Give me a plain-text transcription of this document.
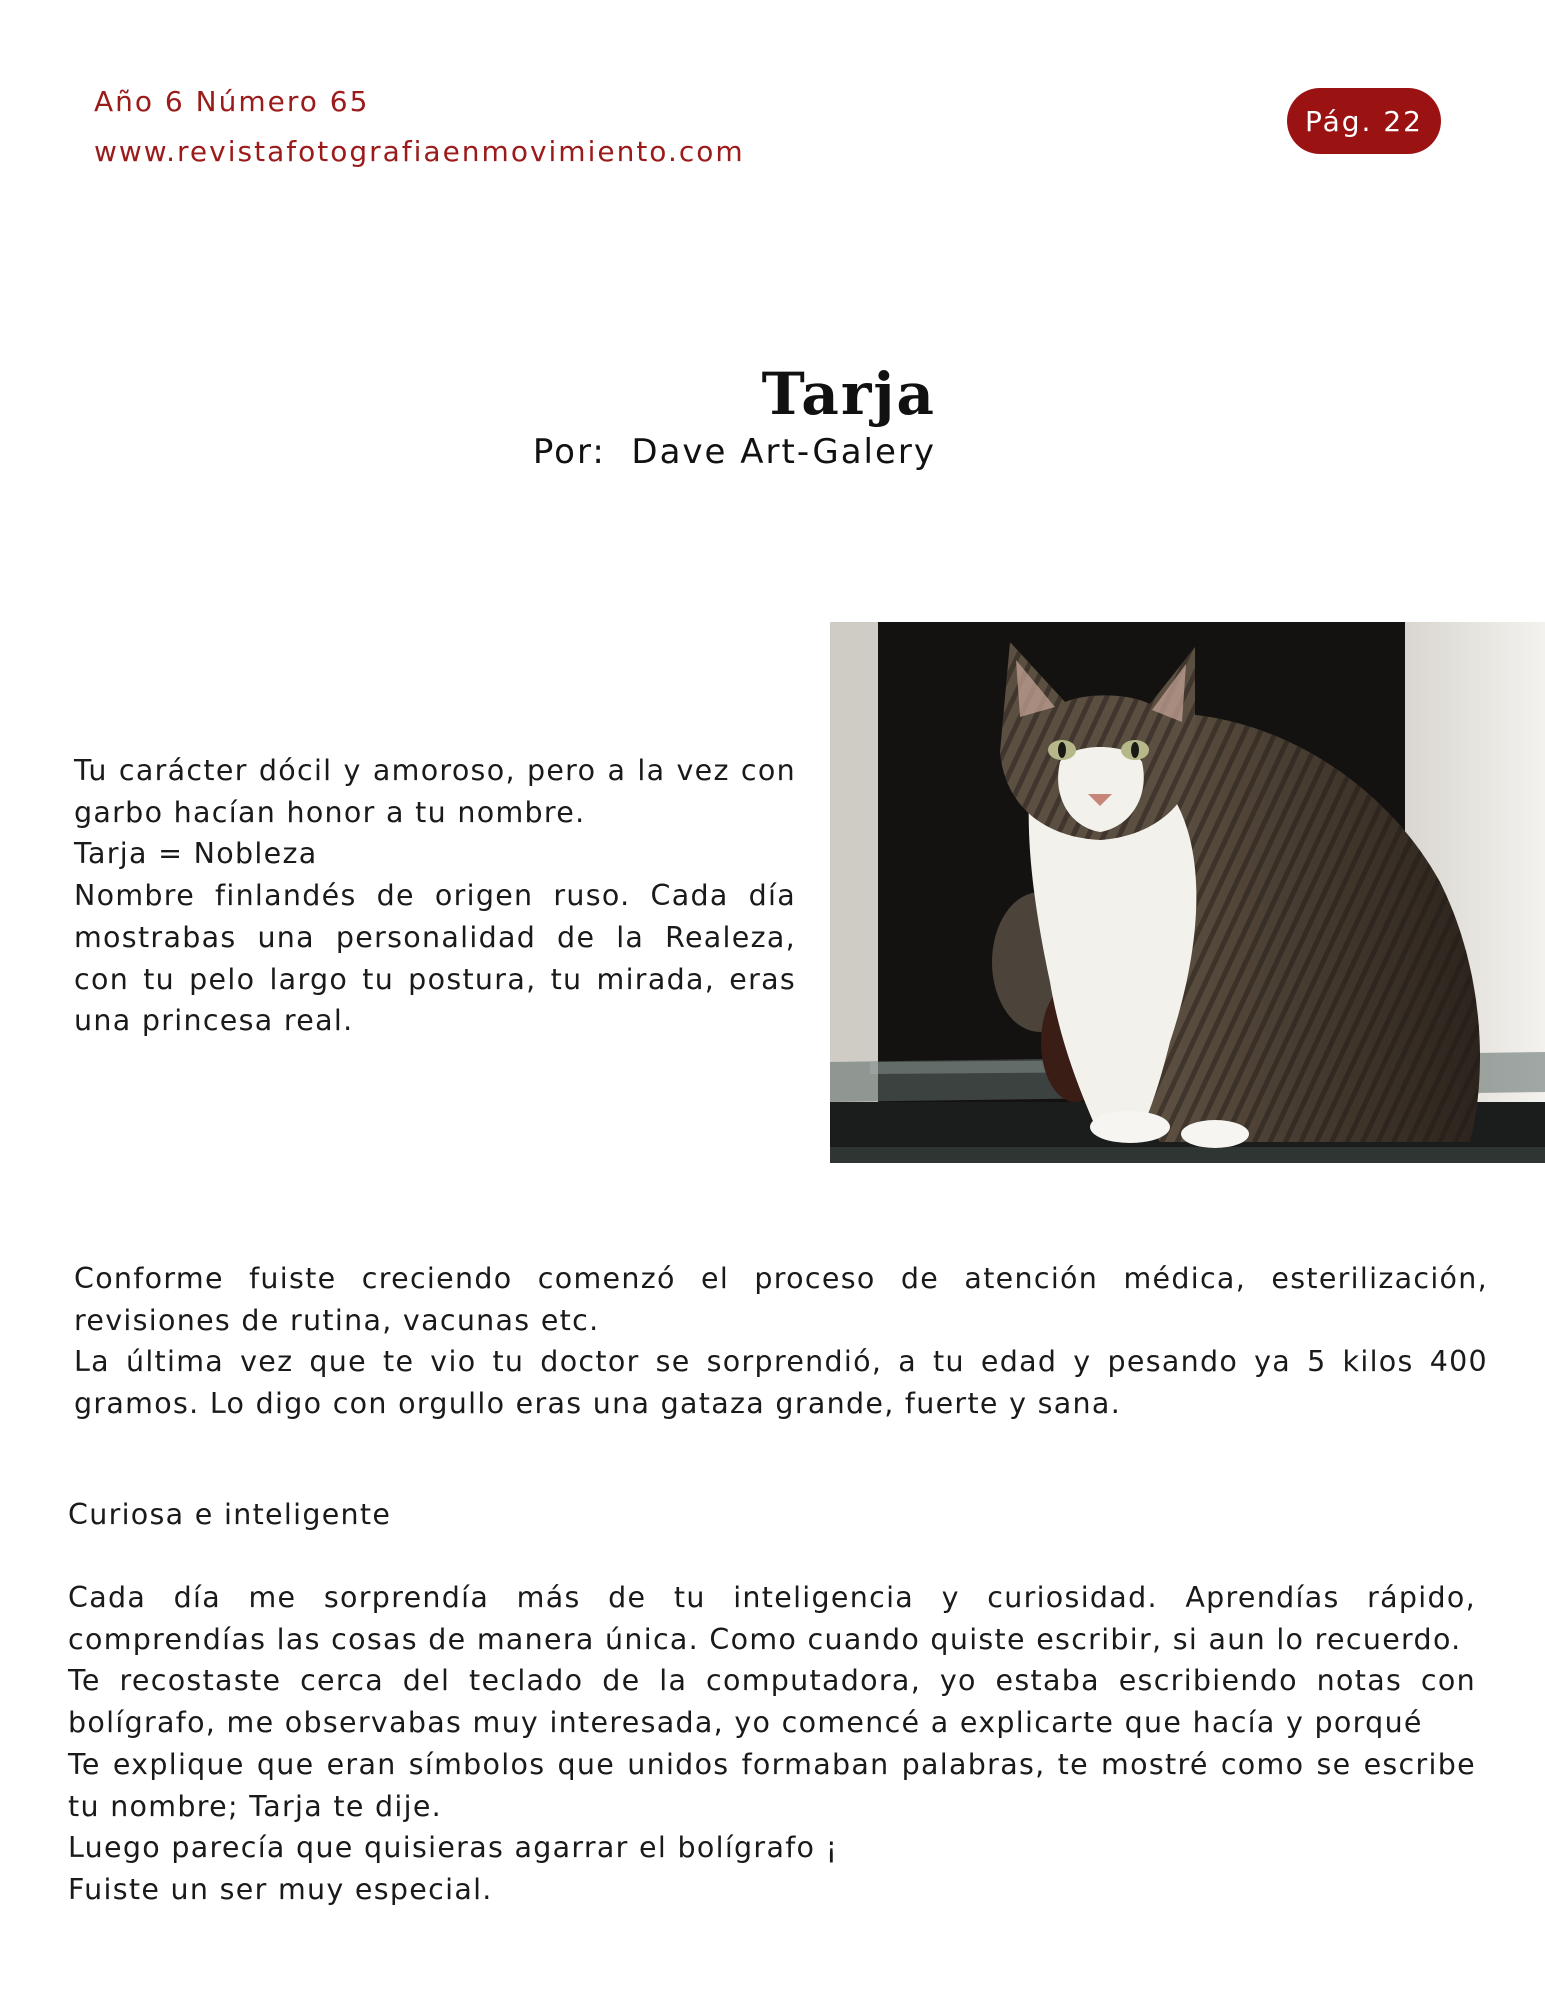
Año 6 Número 65
www.revistafotografiaenmovimiento.com
Pág. 22
Tarja
Por:  Dave Art-Galery

Tu carácter dócil y amoroso, pero a la vez con garbo hacían honor a tu nombre.

Tarja = Nobleza

Nombre finlandés de origen ruso. Cada día mostrabas una personalidad de la Realeza, con tu pelo largo tu postura, tu mirada, eras una princesa real.

Conforme fuiste creciendo comenzó el proceso de atención médica, esterilización, revisiones de rutina, vacunas etc.

La última vez que te vio tu doctor se sorprendió, a tu edad y pesando ya 5 kilos 400 gramos. Lo digo con orgullo eras una gataza grande, fuerte y sana.

Curiosa e inteligente

Cada día me sorprendía más de tu inteligencia y curiosidad. Aprendías rápido, comprendías las cosas de manera única. Como cuando quiste escribir, si aun lo recuerdo.

Te recostaste cerca del teclado de la computadora, yo estaba escribiendo notas con bolígrafo, me observabas muy interesada, yo comencé a explicarte que hacía y porqué

Te explique que eran símbolos que unidos formaban palabras, te mostré como se escribe tu nombre; Tarja te dije.

Luego parecía que quisieras agarrar el bolígrafo ¡

Fuiste un ser muy especial.
